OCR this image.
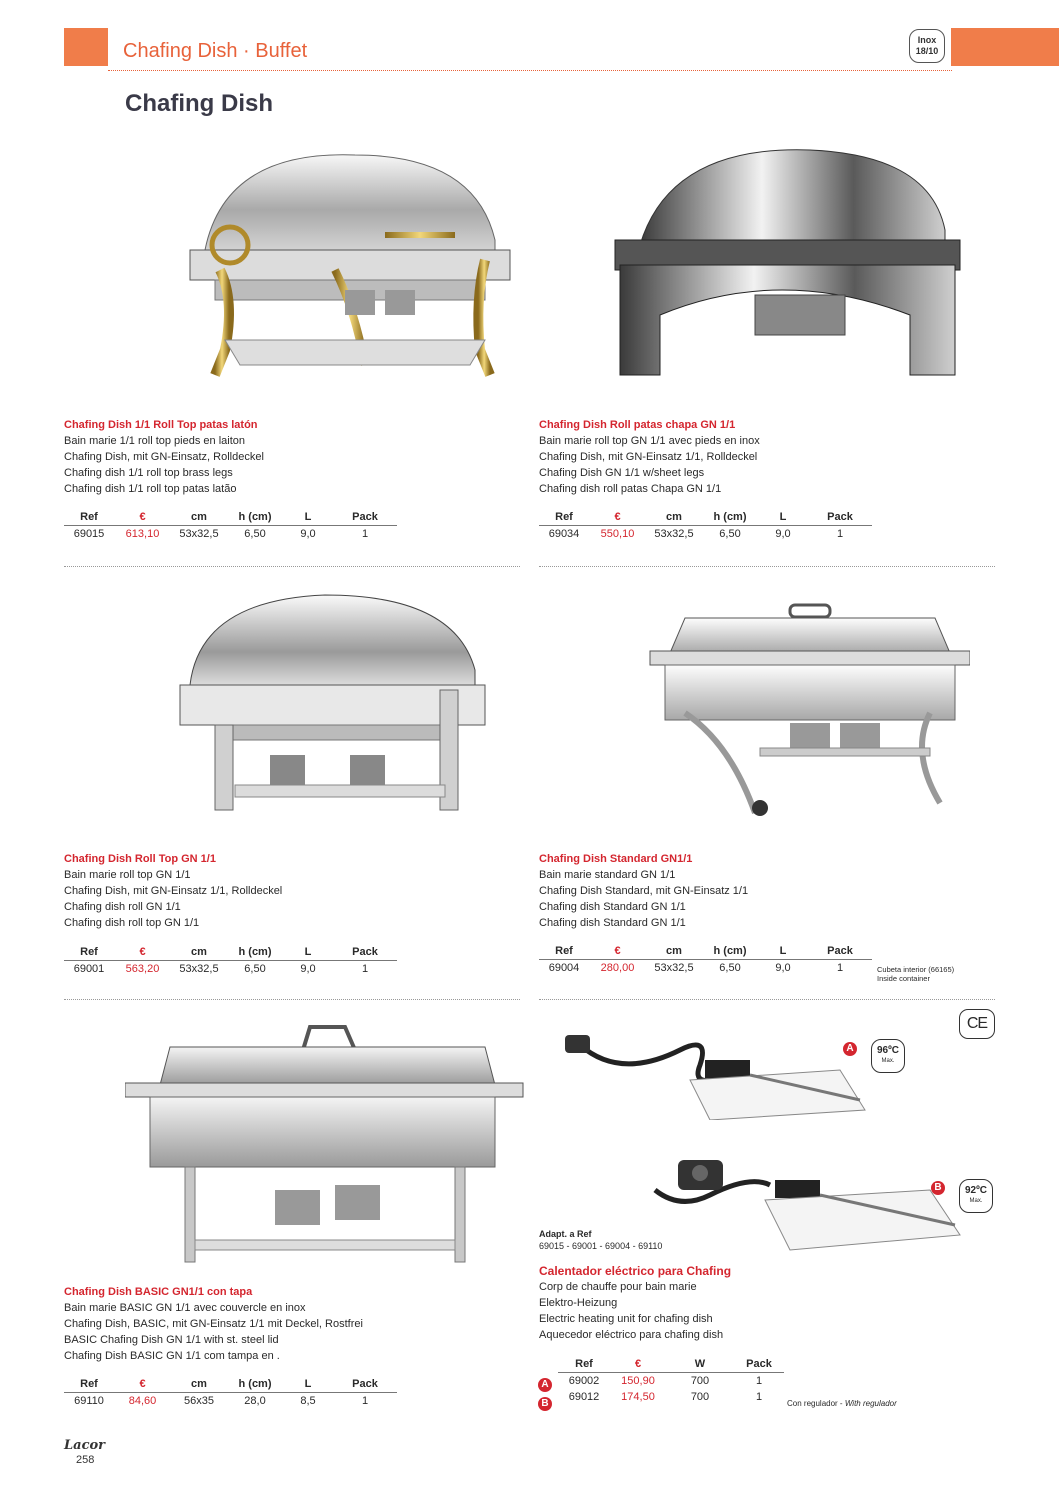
Chafing Dish · Buffet	Inox
18/10
Chafing Dish
Chafing Dish 1/1 Roll Top patas latón
Bain marie 1/1 roll top pieds en laiton
Chafing Dish, mit GN-Einsatz, Rolldeckel
Chafing dish 1/1 roll top brass legs
Chafing dish 1/1 roll top patas latão
Ref	€	cm	h (cm)	L	Pack
69015	613,10	53x32,5	6,50	9,0	1
Chafing Dish Roll patas chapa GN 1/1
Bain marie roll top GN 1/1 avec pieds en inox
Chafing Dish, mit GN-Einsatz 1/1, Rolldeckel
Chafing Dish GN 1/1 w/sheet legs
Chafing dish roll patas Chapa GN 1/1
Ref	€	cm	h (cm)	L	Pack
69034	550,10	53x32,5	6,50	9,0	1
Chafing Dish Roll Top GN 1/1
Bain marie roll top GN 1/1
Chafing Dish, mit GN-Einsatz 1/1, Rolldeckel
Chafing dish roll GN 1/1
Chafing dish roll top GN 1/1
Ref	€	cm	h (cm)	L	Pack
69001	563,20	53x32,5	6,50	9,0	1
Chafing Dish Standard GN1/1
Bain marie standard GN 1/1
Chafing Dish Standard, mit GN-Einsatz 1/1
Chafing dish Standard GN 1/1
Chafing dish Standard GN 1/1
Ref	€	cm	h (cm)	L	Pack
69004	280,00	53x32,5	6,50	9,0	1	Cubeta interior (66165)
Inside container
Chafing Dish BASIC GN1/1 con tapa
Bain marie BASIC GN 1/1 avec couvercle en inox
Chafing Dish, BASIC, mit GN-Einsatz 1/1 mit Deckel, Rostfrei
BASIC Chafing Dish GN 1/1 with st. steel lid
Chafing Dish BASIC GN 1/1 com tampa en .
Ref	€	cm	h (cm)	L	Pack
69110	84,60	56x35	28,0	8,5	1
CE
A	96ºC
Max.
B	92ºC
Max.
Adapt. a Ref
69015 - 69001 - 69004 - 69110
Calentador eléctrico para Chafing
Corp de chauffe pour bain marie
Elektro-Heizung
Electric heating unit for chafing dish
Aquecedor eléctrico para chafing dish
Ref	€	W	Pack
69002	150,90	700	1
69012	174,50	700	1
A
B	Con regulador - With regulador
Lacor
258
